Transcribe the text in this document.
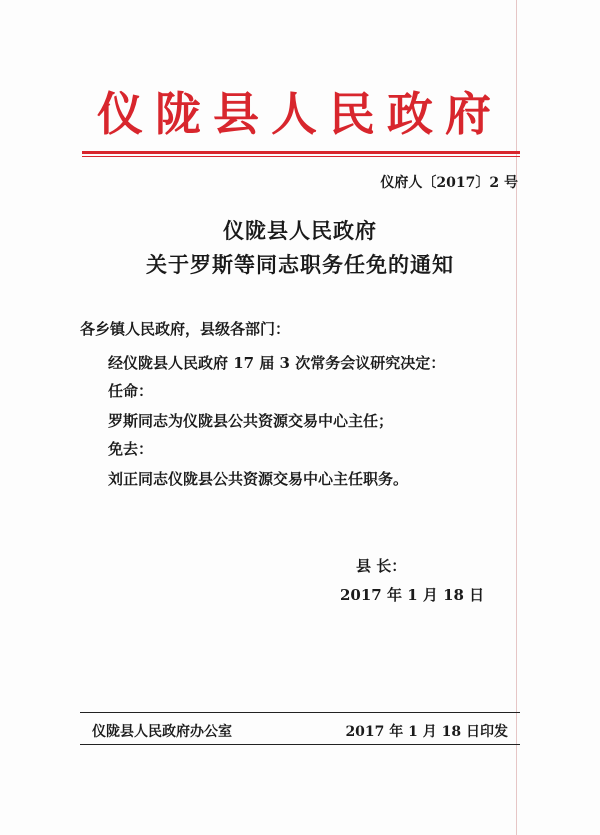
仪陇县人民政府
仪府人〔2017〕2 号
仪陇县人民政府
关于罗斯等同志职务任免的通知
各乡镇人民政府，县级各部门：
经仪陇县人民政府 17 届 3 次常务会议研究决定：
任命：
罗斯同志为仪陇县公共资源交易中心主任；
免去：
刘正同志仪陇县公共资源交易中心主任职务。
县 长：
2017 年 1 月 18 日
仪陇县人民政府办公室	2017 年 1 月 18 日印发
